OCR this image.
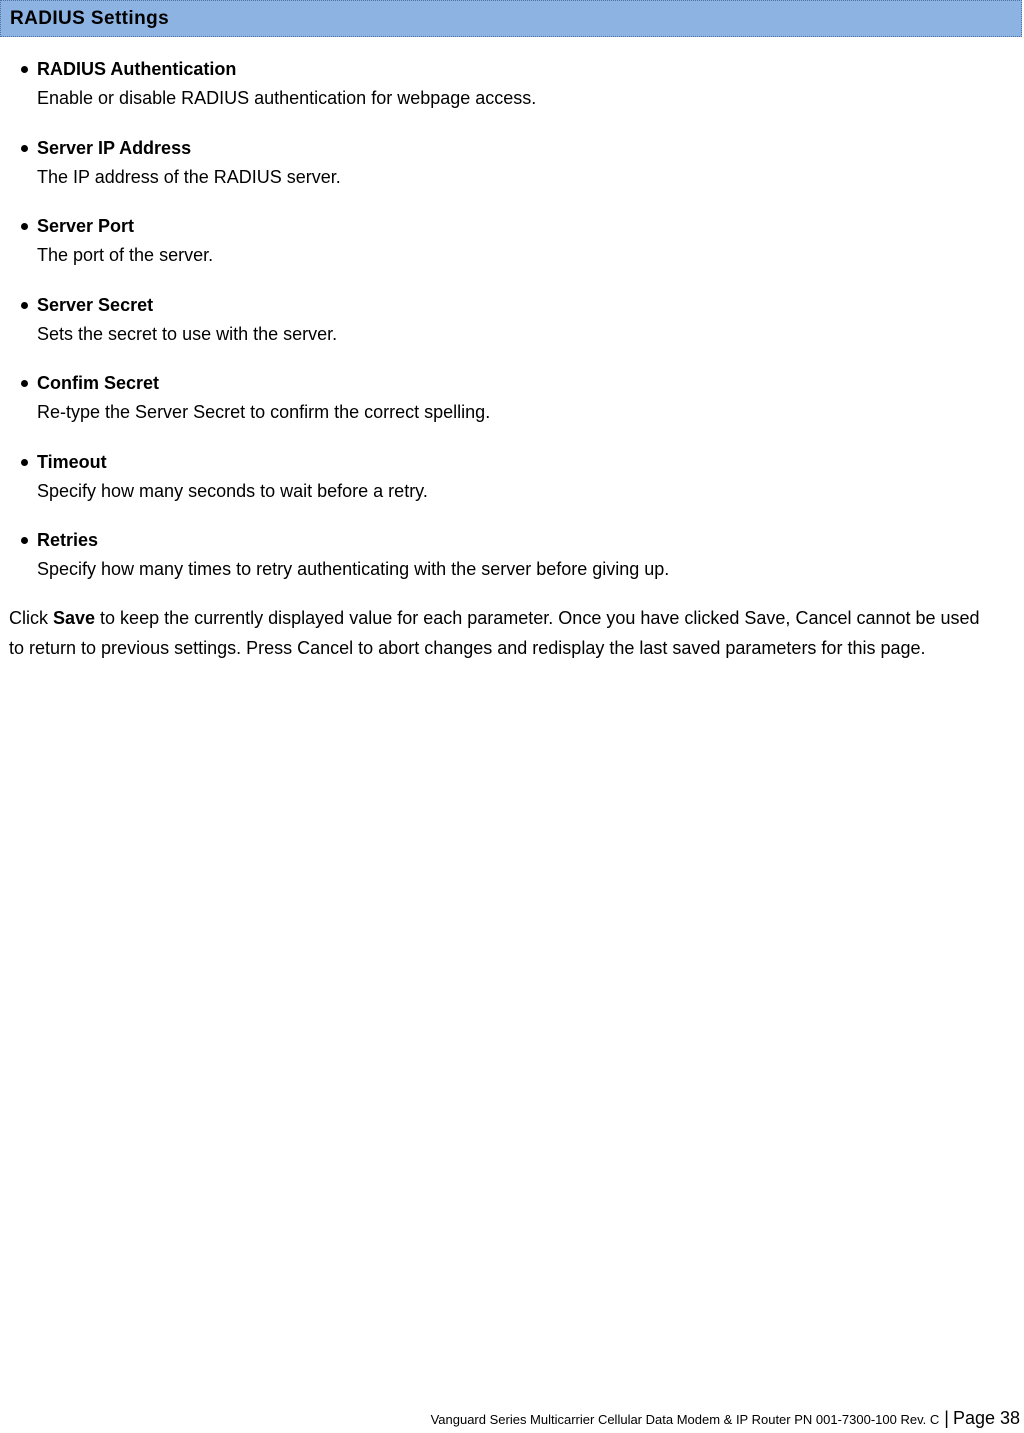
RADIUS Settings
RADIUS Authentication
Enable or disable RADIUS authentication for webpage access.
Server IP Address
The IP address of the RADIUS server.
Server Port
The port of the server.
Server Secret
Sets the secret to use with the server.
Confim Secret
Re-type the Server Secret to confirm the correct spelling.
Timeout
Specify how many seconds to wait before a retry.
Retries
Specify how many times to retry authenticating with the server before giving up.

Click Save to keep the currently displayed value for each parameter. Once you have clicked Save, Cancel cannot be used to return to previous settings. Press Cancel to abort changes and redisplay the last saved parameters for this page.

Vanguard Series Multicarrier Cellular Data Modem & IP Router PN 001-7300-100 Rev. C | Page 38
